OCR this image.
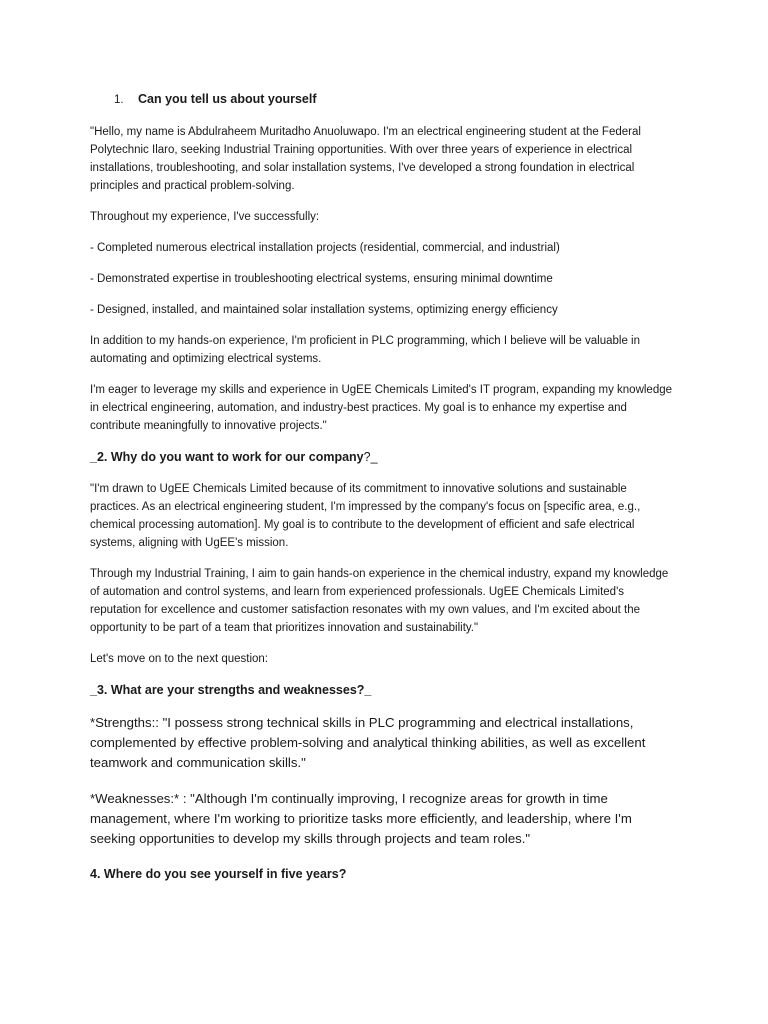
1.	Can you tell us about yourself

"Hello, my name is Abdulraheem Muritadho Anuoluwapo. I'm an electrical engineering student at the Federal Polytechnic Ilaro, seeking Industrial Training opportunities. With over three years of experience in electrical installations, troubleshooting, and solar installation systems, I've developed a strong foundation in electrical principles and practical problem-solving.

Throughout my experience, I've successfully:

- Completed numerous electrical installation projects (residential, commercial, and industrial)

- Demonstrated expertise in troubleshooting electrical systems, ensuring minimal downtime

- Designed, installed, and maintained solar installation systems, optimizing energy efficiency

In addition to my hands-on experience, I'm proficient in PLC programming, which I believe will be valuable in automating and optimizing electrical systems.

I'm eager to leverage my skills and experience in UgEE Chemicals Limited's IT program, expanding my knowledge in electrical engineering, automation, and industry-best practices. My goal is to enhance my expertise and contribute meaningfully to innovative projects."

_2. Why do you want to work for our company?_

"I'm drawn to UgEE Chemicals Limited because of its commitment to innovative solutions and sustainable practices. As an electrical engineering student, I'm impressed by the company's focus on [specific area, e.g., chemical processing automation]. My goal is to contribute to the development of efficient and safe electrical systems, aligning with UgEE's mission.

Through my Industrial Training, I aim to gain hands-on experience in the chemical industry, expand my knowledge of automation and control systems, and learn from experienced professionals. UgEE Chemicals Limited's reputation for excellence and customer satisfaction resonates with my own values, and I'm excited about the opportunity to be part of a team that prioritizes innovation and sustainability."

Let's move on to the next question:

_3. What are your strengths and weaknesses?_

*Strengths:: "I possess strong technical skills in PLC programming and electrical installations, complemented by effective problem-solving and analytical thinking abilities, as well as excellent teamwork and communication skills."

*Weaknesses:* : "Although I'm continually improving, I recognize areas for growth in time management, where I'm working to prioritize tasks more efficiently, and leadership, where I'm seeking opportunities to develop my skills through projects and team roles."

4. Where do you see yourself in five years?
